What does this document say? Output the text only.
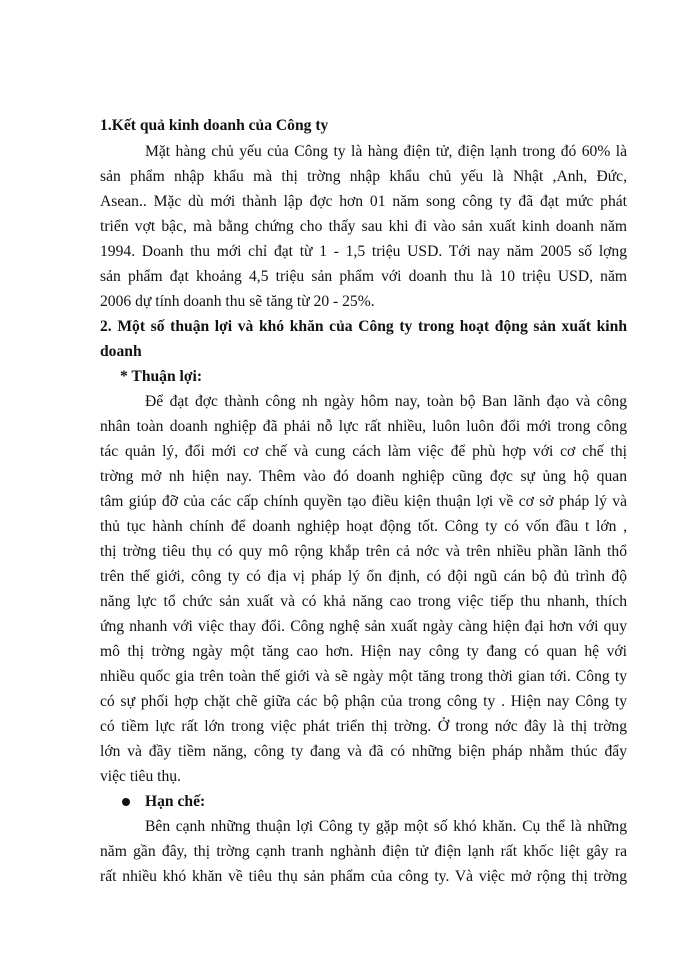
1.Kết quả kinh doanh của Công ty
Mặt hàng chủ yếu của Công ty là hàng điện tử, điện lạnh trong đó 60% là
sản phẩm nhập khẩu mà thị trờng nhập khẩu chủ yếu là Nhật ,Anh, Đức,
Asean.. Mặc dù mới thành lập đợc hơn 01 năm song công ty đã đạt mức phát
triển vợt bậc, mà bằng chứng cho thấy sau khi đi vào sản xuất kinh doanh năm
1994. Doanh thu mới chỉ đạt từ 1 - 1,5 triệu USD. Tới nay năm 2005 số lợng
sản phẩm đạt khoảng 4,5 triệu sản phẩm với doanh thu là 10 triệu USD, năm
2006 dự tính doanh thu sẽ tăng từ 20 - 25%.
2. Một số thuận lợi và khó khăn của Công ty trong hoạt động sản xuất kinh
doanh
* Thuận lợi:
Để đạt đợc thành công nh ngày hôm nay, toàn bộ Ban lãnh đạo và công
nhân toàn doanh nghiệp đã phải nỗ lực rất nhiều, luôn luôn đổi mới trong công
tác quản lý, đổi mới cơ chế và cung cách làm việc để phù hợp với cơ chế thị
trờng mở nh hiện nay. Thêm vào đó doanh nghiệp cũng đợc sự ủng hộ quan
tâm giúp đỡ của các cấp chính quyền tạo điều kiện thuận lợi về cơ sở pháp lý và
thủ tục hành chính để doanh nghiệp hoạt động tốt. Công ty có vốn đầu t lớn ,
thị trờng tiêu thụ có quy mô rộng khắp trên cả nớc và trên nhiều phần lãnh thổ
trên thế giới, công ty có địa vị pháp lý ổn định, có đội ngũ cán bộ đủ trình độ
năng lực tổ chức sản xuất và có khả năng cao trong việc tiếp thu nhanh, thích
ứng nhanh với việc thay đổi. Công nghệ sản xuất ngày càng hiện đại hơn với quy
mô thị trờng ngày một tăng cao hơn. Hiện nay công ty đang có quan hệ với
nhiều quốc gia trên toàn thế giới và sẽ ngày một tăng trong thời gian tới. Công ty
có sự phối hợp chặt chẽ giữa các bộ phận của trong công ty . Hiện nay Công ty
có tiềm lực rất lớn trong việc phát triển thị trờng. Ở trong nớc đây là thị trờng
lớn và đầy tiềm năng, công ty đang và đã có những biện pháp nhằm thúc đẩy
việc tiêu thụ.
Hạn chế:
Bên cạnh những thuận lợi Công ty gặp một số khó khăn. Cụ thể là những
năm gần đây, thị trờng cạnh tranh nghành điện tử điện lạnh rất khốc liệt gây ra
rất nhiều khó khăn về tiêu thụ sản phẩm của công ty. Và việc mở rộng thị trờng
